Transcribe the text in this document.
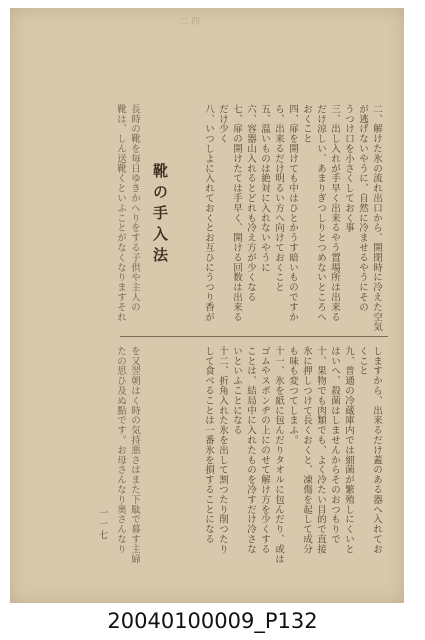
二四
二、解けた氷の流れ出口から、開閉時に冷えた空気
が逃げないやうに、自然に冷ませるやうにその
うつけ口を小さくしておく事
三、出し入れが手早く出来るやう置場所は出来る
だけ涼しい、あまりぎつしりとつめないところへ
おくこと
四、扉を開けても中はひとかうす暗いものですか
ら、出来るだけ明るい方へ向けておくこと
五、温いものは絶対に入れないやうに
六、容器山入れるとどれも冷え方が少くなる
七、扉の開けたては手早く、開ける回数は出来る
だけ少く
八、いつしよに入れておくとお互ひにうつり香が
靴の手入法
長時の靴を毎日ゆきかへりをする子供や主人の
靴は、しん送靴くといふことがなくなりますそれ
しますから、出来るだけ蓋のある器へ入れてお
くこと
九、普通の冷蔵庫内では細菌が繁殖しにくいと
はいへ、殺菌はしませんからそのおつもりで
十、果物でも肉類でも、よく冷たい目的で直接
氷に押しつけて長くおくと、凍傷を起して成分
も味も変つてしまふ。
十一、氷を紙に包んだりタオルに包んだり、或は
ゴムやスポンヂの上にのせて解け方を少くする
ことは、結局中に入れたものを冷すだけ冷さな
いといふことになる
十二、折角入れた氷を出して割つたり削つたり
して食べることは一番氷を損することになる
を又翌朝はく時の気持悪さはまた下駄で暮す主婦
たの思ひ及ぬ點です。お母さんなり奥さんなり
一一七
20040100009_P132
